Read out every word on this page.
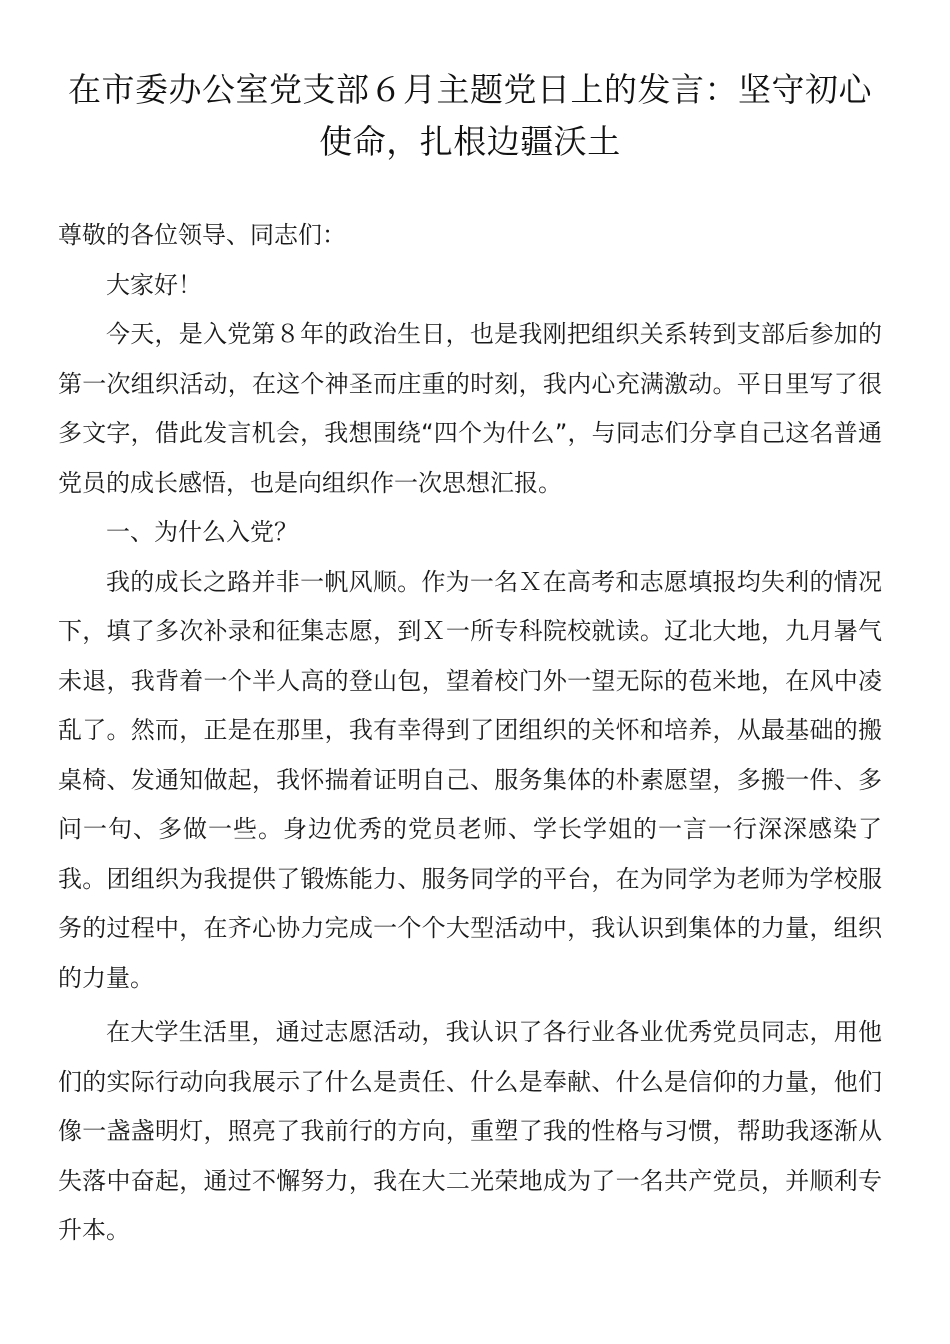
在市委办公室党支部６月主题党日上的发言：坚守初心使命，扎根边疆沃土

尊敬的各位领导、同志们：

大家好！

今天，是入党第８年的政治生日，也是我刚把组织关系转到支部后参加的第一次组织活动，在这个神圣而庄重的时刻，我内心充满激动。平日里写了很多文字，借此发言机会，我想围绕“四个为什么”，与同志们分享自己这名普通党员的成长感悟，也是向组织作一次思想汇报。

一、为什么入党？

我的成长之路并非一帆风顺。作为一名Ｘ在高考和志愿填报均失利的情况下，填了多次补录和征集志愿，到Ｘ一所专科院校就读。辽北大地，九月暑气未退，我背着一个半人高的登山包，望着校门外一望无际的苞米地，在风中凌乱了。然而，正是在那里，我有幸得到了团组织的关怀和培养，从最基础的搬桌椅、发通知做起，我怀揣着证明自己、服务集体的朴素愿望，多搬一件、多问一句、多做一些。身边优秀的党员老师、学长学姐的一言一行深深感染了我。团组织为我提供了锻炼能力、服务同学的平台，在为同学为老师为学校服务的过程中，在齐心协力完成一个个大型活动中，我认识到集体的力量，组织的力量。

在大学生活里，通过志愿活动，我认识了各行业各业优秀党员同志，用他们的实际行动向我展示了什么是责任、什么是奉献、什么是信仰的力量，他们像一盏盏明灯，照亮了我前行的方向，重塑了我的性格与习惯，帮助我逐渐从失落中奋起，通过不懈努力，我在大二光荣地成为了一名共产党员，并顺利专升本。
